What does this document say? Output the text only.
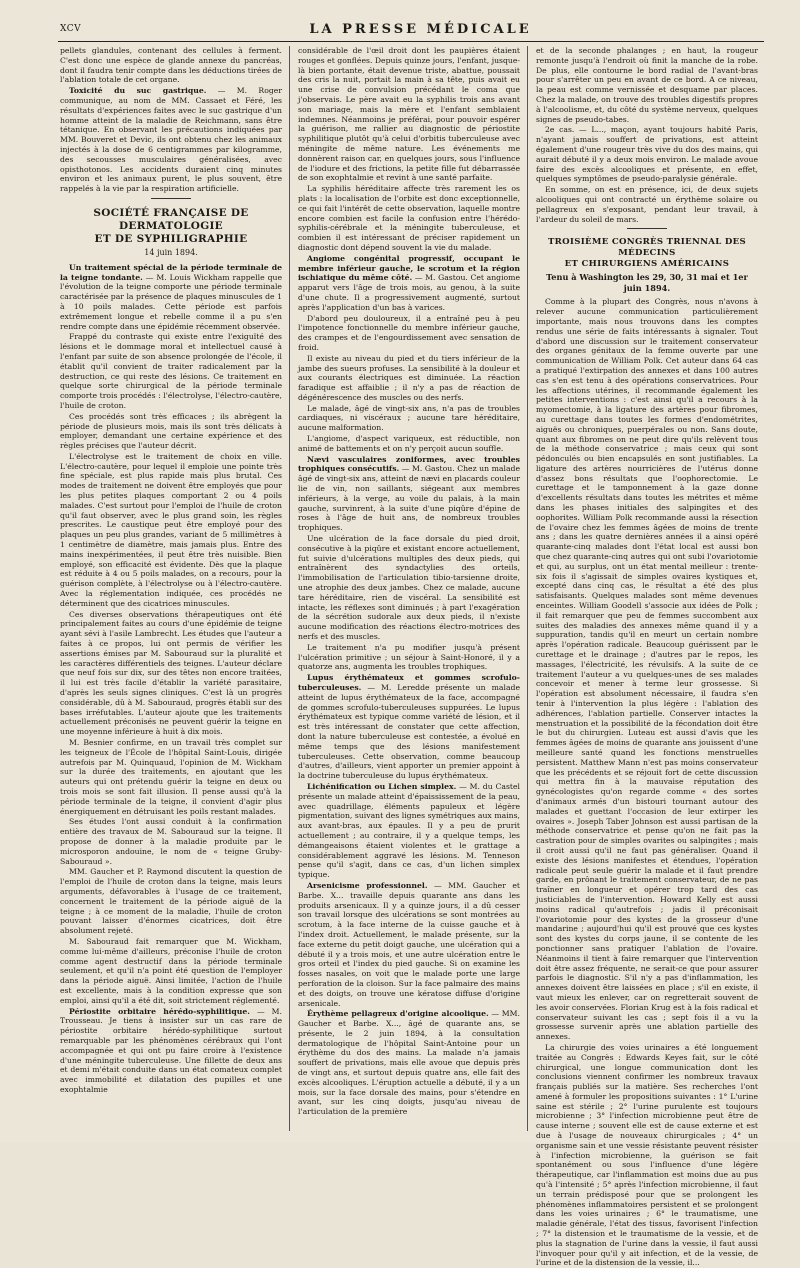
XCV	LA PRESSE MÉDICALE

pellets glandules, contenant des cellules à ferment. C'est donc une espèce de glande annexe du pancréas, dont il faudra tenir compte dans les déductions tirées de l'ablation totale de cet organe.

Toxicité du suc gastrique. — M. Roger communique, au nom de MM. Cassaet et Féré, les résultats d'expériences faites avec le suc gastrique d'un homme atteint de la maladie de Reichmann, sans être tétanique. En observant les précautions indiquées par MM. Bouveret et Devic, ils ont obtenu chez les animaux injectés à la dose de 6 centigrammes par kilogramme, des secousses musculaires généralisées, avec opisthotonos. Les accidents duraient cinq minutes environ et les animaux purent, le plus souvent, être rappelés à la vie par la respiration artificielle.

SOCIÉTÉ FRANÇAISE DE DERMATOLOGIE
ET DE SYPHILIGRAPHIE
14 juin 1894.

Un traitement spécial de la période terminale de la teigne tondante. — M. Louis Wickham rappelle que l'évolution de la teigne comporte une période terminale caractérisée par la présence de plaques minuscules de 1 à 10 poils malades. Cette période est parfois extrêmement longue et rebelle comme il a pu s'en rendre compte dans une épidémie récemment observée.

Frappé du contraste qui existe entre l'exiguïté des lésions et le dommage moral et intellectuel causé à l'enfant par suite de son absence prolongée de l'école, il établit qu'il convient de traiter radicalement par la destruction, ce qui reste des lésions. Ce traitement en quelque sorte chirurgical de la période terminale comporte trois procédés : l'électrolyse, l'électro-cautère, l'huile de croton.

Ces procédés sont très efficaces ; ils abrègent la période de plusieurs mois, mais ils sont très délicats à employer, demandant une certaine expérience et des règles précises que l'auteur décrit.

L'électrolyse est le traitement de choix en ville. L'électro-cautère, pour lequel il emploie une pointe très fine spéciale, est plus rapide mais plus brutal. Ces modes de traitement ne doivent être employés que pour les plus petites plaques comportant 2 ou 4 poils malades. C'est surtout pour l'emploi de l'huile de croton qu'il faut observer, avec le plus grand soin, les règles prescrites. Le caustique peut être employé pour des plaques un peu plus grandes, variant de 5 millimètres à 1 centimètre de diamètre, mais jamais plus. Entre des mains inexpérimentées, il peut être très nuisible. Bien employé, son efficacité est évidente. Dès que la plaque est réduite à 4 ou 5 poils malades, on a recours, pour la guérison complète, à l'électrolyse ou à l'électro-cautère. Avec la réglementation indiquée, ces procédés ne déterminent que des cicatrices minuscules.

Ces diverses observations thérapeutiques ont été principalement faites au cours d'une épidémie de teigne ayant sévi à l'asile Lambrecht. Les études que l'auteur a faites à ce propos, lui ont permis de vérifier les assertions émises par M. Sabouraud sur la pluralité et les caractères différentiels des teignes. L'auteur déclare que neuf fois sur dix, sur des têtes non encore traitées, il lui est très facile d'établir la variété parasitaire, d'après les seuls signes cliniques. C'est là un progrès considérable, dû à M. Sabouraud, progrès établi sur des bases irréfutables. L'auteur ajoute que les traitements actuellement préconisés ne peuvent guérir la teigne en une moyenne inférieure à huit à dix mois.

M. Besnier confirme, en un travail très complet sur les teigneux de l'École de l'hôpital Saint-Louis, dirigée autrefois par M. Quinquaud, l'opinion de M. Wickham sur la durée des traitements, en ajoutant que les auteurs qui ont prétendu guérir la teigne en deux ou trois mois se sont fait illusion. Il pense aussi qu'à la période terminale de la teigne, il convient d'agir plus énergiquement en détruisant les poils restant malades.

Ses études l'ont aussi conduit à la confirmation entière des travaux de M. Sabouraud sur la teigne. Il propose de donner à la maladie produite par le microsporon andouine, le nom de « teigne Gruby-Sabouraud ».

MM. Gaucher et P. Raymond discutent la question de l'emploi de l'huile de croton dans la teigne, mais leurs arguments, défavorables à l'usage de ce traitement, concernent le traitement de la période aiguë de la teigne ; à ce moment de la maladie, l'huile de croton pouvant laisser d'énormes cicatrices, doit être absolument rejeté.

M. Sabouraud fait remarquer que M. Wickham, comme lui-même d'ailleurs, préconise l'huile de croton comme agent destructif dans la période terminale seulement, et qu'il n'a point été question de l'employer dans la période aiguë. Ainsi limitée, l'action de l'huile est excellente, mais à la condition expresse que son emploi, ainsi qu'il a été dit, soit strictement réglementé.

Périostite orbitaire hérédo-syphilitique. — M. Trousseau. Je tiens à insister sur un cas rare de périostite orbitaire hérédo-syphilitique surtout remarquable par les phénomènes cérébraux qui l'ont accompagnée et qui ont pu faire croire à l'existence d'une méningite tuberculeuse. Une fillette de deux ans et demi m'était conduite dans un état comateux complet avec immobilité et dilatation des pupilles et une exophtalmie

considérable de l'œil droit dont les paupières étaient rouges et gonflées. Depuis quinze jours, l'enfant, jusque-là bien portante, était devenue triste, abattue, poussait des cris la nuit, portait la main à sa tête, puis avait eu une crise de convulsion précédant le coma que j'observais. Le père avait eu la syphilis trois ans avant son mariage, mais la mère et l'enfant semblaient indemnes. Néanmoins je préférai, pour pouvoir espérer la guérison, me rallier au diagnostic de périostite syphilitique plutôt qu'à celui d'orbitis tuberculeuse avec méningite de même nature. Les événements me donnèrent raison car, en quelques jours, sous l'influence de l'iodure et des frictions, la petite fille fut débarrassée de son exophtalmie et revint à une santé parfaite.

La syphilis héréditaire affecte très rarement les os plats : la localisation de l'orbite est donc exceptionnelle, ce qui fait l'intérêt de cette observation, laquelle montre encore combien est facile la confusion entre l'hérédo-syphilis-cérébrale et la méningite tuberculeuse, et combien il est intéressant de préciser rapidement un diagnostic dont dépend souvent la vie du malade.

Angiome congénital progressif, occupant le membre inférieur gauche, le scrotum et la région ischiatique du même côté. — M. Gastou. Cet angiome apparut vers l'âge de trois mois, au genou, à la suite d'une chute. Il a progressivement augmenté, surtout après l'application d'un bas à varices.

D'abord peu douloureux, il a entraîné peu à peu l'impotence fonctionnelle du membre inférieur gauche, des crampes et de l'engourdissement avec sensation de froid.

Il existe au niveau du pied et du tiers inférieur de la jambe des sueurs profuses. La sensibilité à la douleur et aux courants électriques est diminuée. La réaction faradique est affaiblie ; il n'y a pas de réaction de dégénérescence des muscles ou des nerfs.

Le malade, âgé de vingt-six ans, n'a pas de troubles cardiaques, ni viscéraux ; aucune tare héréditaire, aucune malformation.

L'angiome, d'aspect variqueux, est réductible, non animé de battements et on n'y perçoit aucun souffle.

Nævi vasculaires zoniformes, avec troubles trophiques consécutifs. — M. Gastou. Chez un malade âgé de vingt-six ans, atteint de nævi en placards couleur lie de vin, non saillants, siégeant aux membres inférieurs, à la verge, au voile du palais, à la main gauche, survinrent, à la suite d'une piqûre d'épine de roses à l'âge de huit ans, de nombreux troubles trophiques.

Une ulcération de la face dorsale du pied droit, consécutive à la piqûre et existant encore actuellement, fut suivie d'ulcérations multiples des deux pieds, qui entraînèrent des syndactylies des orteils, l'immobilisation de l'articulation tibio-tarsienne droite, une atrophie des deux jambes. Chez ce malade, aucune tare héréditaire, rien de viscéral. La sensibilité est intacte, les réflexes sont diminués ; à part l'exagération de la sécrétion sudorale aux deux pieds, il n'existe aucune modification des réactions électro-motrices des nerfs et des muscles.

Le traitement n'a pu modifier jusqu'à présent l'ulcération primitive ; un séjour à Saint-Honoré, il y a quatorze ans, augmenta les troubles trophiques.

Lupus érythémateux et gommes scrofulo-tuberculeuses. — M. Leredde présente un malade atteint de lupus érythémateux de la face, accompagné de gommes scrofulo-tuberculeuses suppurées. Le lupus érythémateux est typique comme variété de lésion, et il est très intéressant de constater que cette affection, dont la nature tuberculeuse est contestée, a évolué en même temps que des lésions manifestement tuberculeuses. Cette observation, comme beaucoup d'autres, d'ailleurs, vient apporter un premier appoint à la doctrine tuberculeuse du lupus érythémateux.

Lichénification ou Lichen simplex. — M. du Castel présente un malade atteint d'épaississement de la peau, avec quadrillage, éléments papuleux et légère pigmentation, suivant des lignes symétriques aux mains, aux avant-bras, aux épaules. Il y a peu de prurit actuellement ; au contraire, il y a quelque temps, les démangeaisons étaient violentes et le grattage a considérablement aggravé les lésions. M. Tenneson pense qu'il s'agit, dans ce cas, d'un lichen simplex typique.

Arsenicisme professionnel. — MM. Gaucher et Barbe. X... travaille depuis quarante ans dans les produits arsenicaux. Il y a quinze jours, il a dû cesser son travail lorsque des ulcérations se sont montrées au scrotum, à la face interne de la cuisse gauche et à l'index droit. Actuellement, le malade présente, sur la face externe du petit doigt gauche, une ulcération qui a débuté il y a trois mois, et une autre ulcération entre le gros orteil et l'index du pied gauche. Si on examine les fosses nasales, on voit que le malade porte une large perforation de la cloison. Sur la face palmaire des mains et des doigts, on trouve une kératose diffuse d'origine arsenicale.

Érythème pellagreux d'origine alcoolique. — MM. Gaucher et Barbe. X..., âgé de quarante ans, se présente, le 2 juin 1894, à la consultation dermatologique de l'hôpital Saint-Antoine pour un érythème du dos des mains. La malade n'a jamais souffert de privations, mais elle avoue que depuis près de vingt ans, et surtout depuis quatre ans, elle fait des excès alcooliques. L'éruption actuelle a débuté, il y a un mois, sur la face dorsale des mains, pour s'étendre en avant, sur les cinq doigts, jusqu'au niveau de l'articulation de la première

et de la seconde phalanges ; en haut, la rougeur remonte jusqu'à l'endroit où finit la manche de la robe. De plus, elle contourne le bord radial de l'avant-bras pour s'arrêter un peu en avant de ce bord. A ce niveau, la peau est comme vernissée et desquame par places. Chez la malade, on trouve des troubles digestifs propres à l'alcoolisme, et, du côté du système nerveux, quelques signes de pseudo-tabes.

2e cas. — L..., maçon, ayant toujours habité Paris, n'ayant jamais souffert de privations, est atteint également d'une rougeur très vive du dos des mains, qui aurait débuté il y a deux mois environ. Le malade avoue faire des excès alcooliques et présente, en effet, quelques symptômes de pseudo-paralysie générale.

En somme, on est en présence, ici, de deux sujets alcooliques qui ont contracté un érythème solaire ou pellagreux en s'exposant, pendant leur travail, à l'ardeur du soleil de mars.

TROISIÈME CONGRÈS TRIENNAL DES MÉDECINS
ET CHIRURGIENS AMÉRICAINS
Tenu à Washington les 29, 30, 31 mai et 1er juin 1894.

Comme à la plupart des Congrès, nous n'avons à relever aucune communication particulièrement importante, mais nous trouvons dans les comptes rendus une série de faits intéressants à signaler. Tout d'abord une discussion sur le traitement conservateur des organes génitaux de la femme ouverte par une communication de William Polk. Cet auteur dans 64 cas a pratiqué l'extirpation des annexes et dans 100 autres cas s'en est tenu à des opérations conservatrices. Pour les affections utérines, il recommande également les petites interventions : c'est ainsi qu'il a recours à la myomectomie, à la ligature des artères pour fibromes, au curettage dans toutes les formes d'endométrites, aiguës ou chroniques, puerpérales ou non. Sans doute, quant aux fibromes on ne peut dire qu'ils relèvent tous de la méthode conservatrice ; mais ceux qui sont pédonculés ou bien encapsulés en sont justifiables. La ligature des artères nourricières de l'utérus donne d'assez bons résultats que l'oophorectomie. Le curettage et le tamponnement à la gaze donne d'excellents résultats dans toutes les métrites et même dans les phases initiales des salpingites et des oophorites. William Polk recommande aussi la résection de l'ovaire chez les femmes âgées de moins de trente ans ; dans les quatre dernières années il a ainsi opéré quarante-cinq malades dont l'état local est aussi bon que chez quarante-cinq autres qui ont subi l'ovariotomie et qui, au surplus, ont un état mental meilleur : trente-six fois il s'agissait de simples ovaires kystiques et, excepté dans cinq cas, le résultat a été des plus satisfaisants. Quelques malades sont même devenues enceintes. William Goodell s'associe aux idées de Polk ; il fait remarquer que peu de femmes succombent aux suites des maladies des annexes même quand il y a suppuration, tandis qu'il en meurt un certain nombre après l'opération radicale. Beaucoup guérissent par le curettage et le drainage ; d'autres par le repos, les massages, l'électricité, les révulsifs. A la suite de ce traitement l'auteur a vu quelques-unes de ses malades concevoir et mener à terme leur grossesse. Si l'opération est absolument nécessaire, il faudra s'en tenir à l'intervention la plus légère : l'ablation des adhérences, l'ablation partielle. Conserver intactes la menstruation et la possibilité de la fécondation doit être le but du chirurgien. Luteau est aussi d'avis que les femmes âgées de moins de quarante ans jouissent d'une meilleure santé quand les fonctions menstruelles persistent. Matthew Mann n'est pas moins conservateur que les précédents et se réjouit fort de cette discussion qui mettra fin à la mauvaise réputation des gynécologistes qu'on regarde comme « des sortes d'animaux armés d'un bistouri tournant autour des malades et guettant l'occasion de leur extirper les ovaires ». Joseph Taber Johnson est aussi partisan de la méthode conservatrice et pense qu'on ne fait pas la castration pour de simples ovarites ou salpingites ; mais il croit aussi qu'il ne faut pas généraliser. Quand il existe des lésions manifestes et étendues, l'opération radicale peut seule guérir la malade et il faut prendre garde, en prônant le traitement conservateur, de ne pas traîner en longueur et opérer trop tard des cas justiciables de l'intervention. Howard Kelly est aussi moins radical qu'autrefois ; jadis il préconisait l'ovariotomie pour des kystes de la grosseur d'une mandarine ; aujourd'hui qu'il est prouvé que ces kystes sont des kystes du corps jaune, il se contente de les ponctionner sans pratiquer l'ablation de l'ovaire. Néanmoins il tient à faire remarquer que l'intervention doit être assez fréquente, ne serait-ce que pour assurer parfois le diagnostic. S'il n'y a pas d'inflammation, les annexes doivent être laissées en place ; s'il en existe, il vaut mieux les enlever, car on regretterait souvent de les avoir conservées. Florian Krug est à la fois radical et conservateur suivant les cas ; sept fois il a vu la grossesse survenir après une ablation partielle des annexes.

La chirurgie des voies urinaires a été longuement traitée au Congrès : Edwards Keyes fait, sur le côté chirurgical, une longue communication dont les conclusions viennent confirmer les nombreux travaux français publiés sur la matière. Ses recherches l'ont amené à formuler les propositions suivantes : 1° L'urine saine est stérile ; 2° l'urine purulente est toujours microbienne ; 3° l'infection microbienne peut être de cause interne ; souvent elle est de cause externe et est due à l'usage de nouveaux chirurgicales ; 4° un organisme sain et une vessie résistante peuvent résister à l'infection microbienne, la guérison se fait spontanément ou sous l'influence d'une légère thérapeutique, car l'inflammation est moins due au pus qu'à l'intensité ; 5° après l'infection microbienne, il faut un terrain prédisposé pour que se prolongent les phénomènes inflammatoires persistent et se prolongent dans les voies urinaires ; 6° le traumatisme, une maladie générale, l'état des tissus, favorisent l'infection ; 7° la distension et le traumatisme de la vessie, et de plus la stagnation de l'urine dans la vessie, il faut aussi l'invoquer pour qu'il y ait infection, et de la vessie, de l'urine et de la distension de la vessie, il...
